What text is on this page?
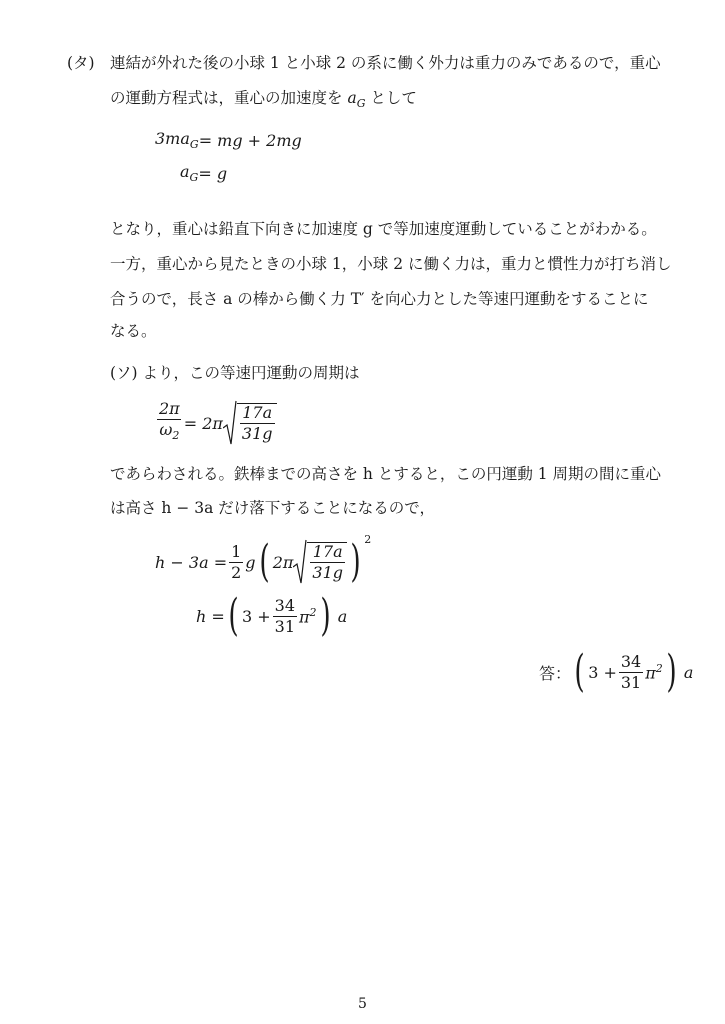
(タ) 連結が外れた後の小球 1 と小球 2 の系に働く外力は重力のみであるので，重心
の運動方程式は，重心の加速度を $a_G$ として
$3ma_G$ = mg + 2mg
$a_G = g$
となり，重心は鉛直下向きに加速度 g で等加速度運動していることがわかる。
一方，重心から見たときの小球 1，小球 2 に働く力は，重力と慣性力が打ち消し
合うので，長さ a の棒から働く力 T′ を向心力とした等速円運動をすることに
なる。
(ソ) より，この等速円運動の周期は
$\frac{2\pi}{\omega_2} = 2\pi \frac{17a}{31g}$
であらわされる。鉄棒までの高さを h とすると，この円運動 1 周期の間に重心
は高さ h − 3a だけ落下することになるので，
$h - 3a = \frac{1}{2}$ g ( $2\pi \frac{17a}{31g}$ ) $^2$
h = ( $3 + \frac{34}{31} \pi^2$ ) a
答： ( $3 + \frac{34}{31} \pi^2$ ) a
5
